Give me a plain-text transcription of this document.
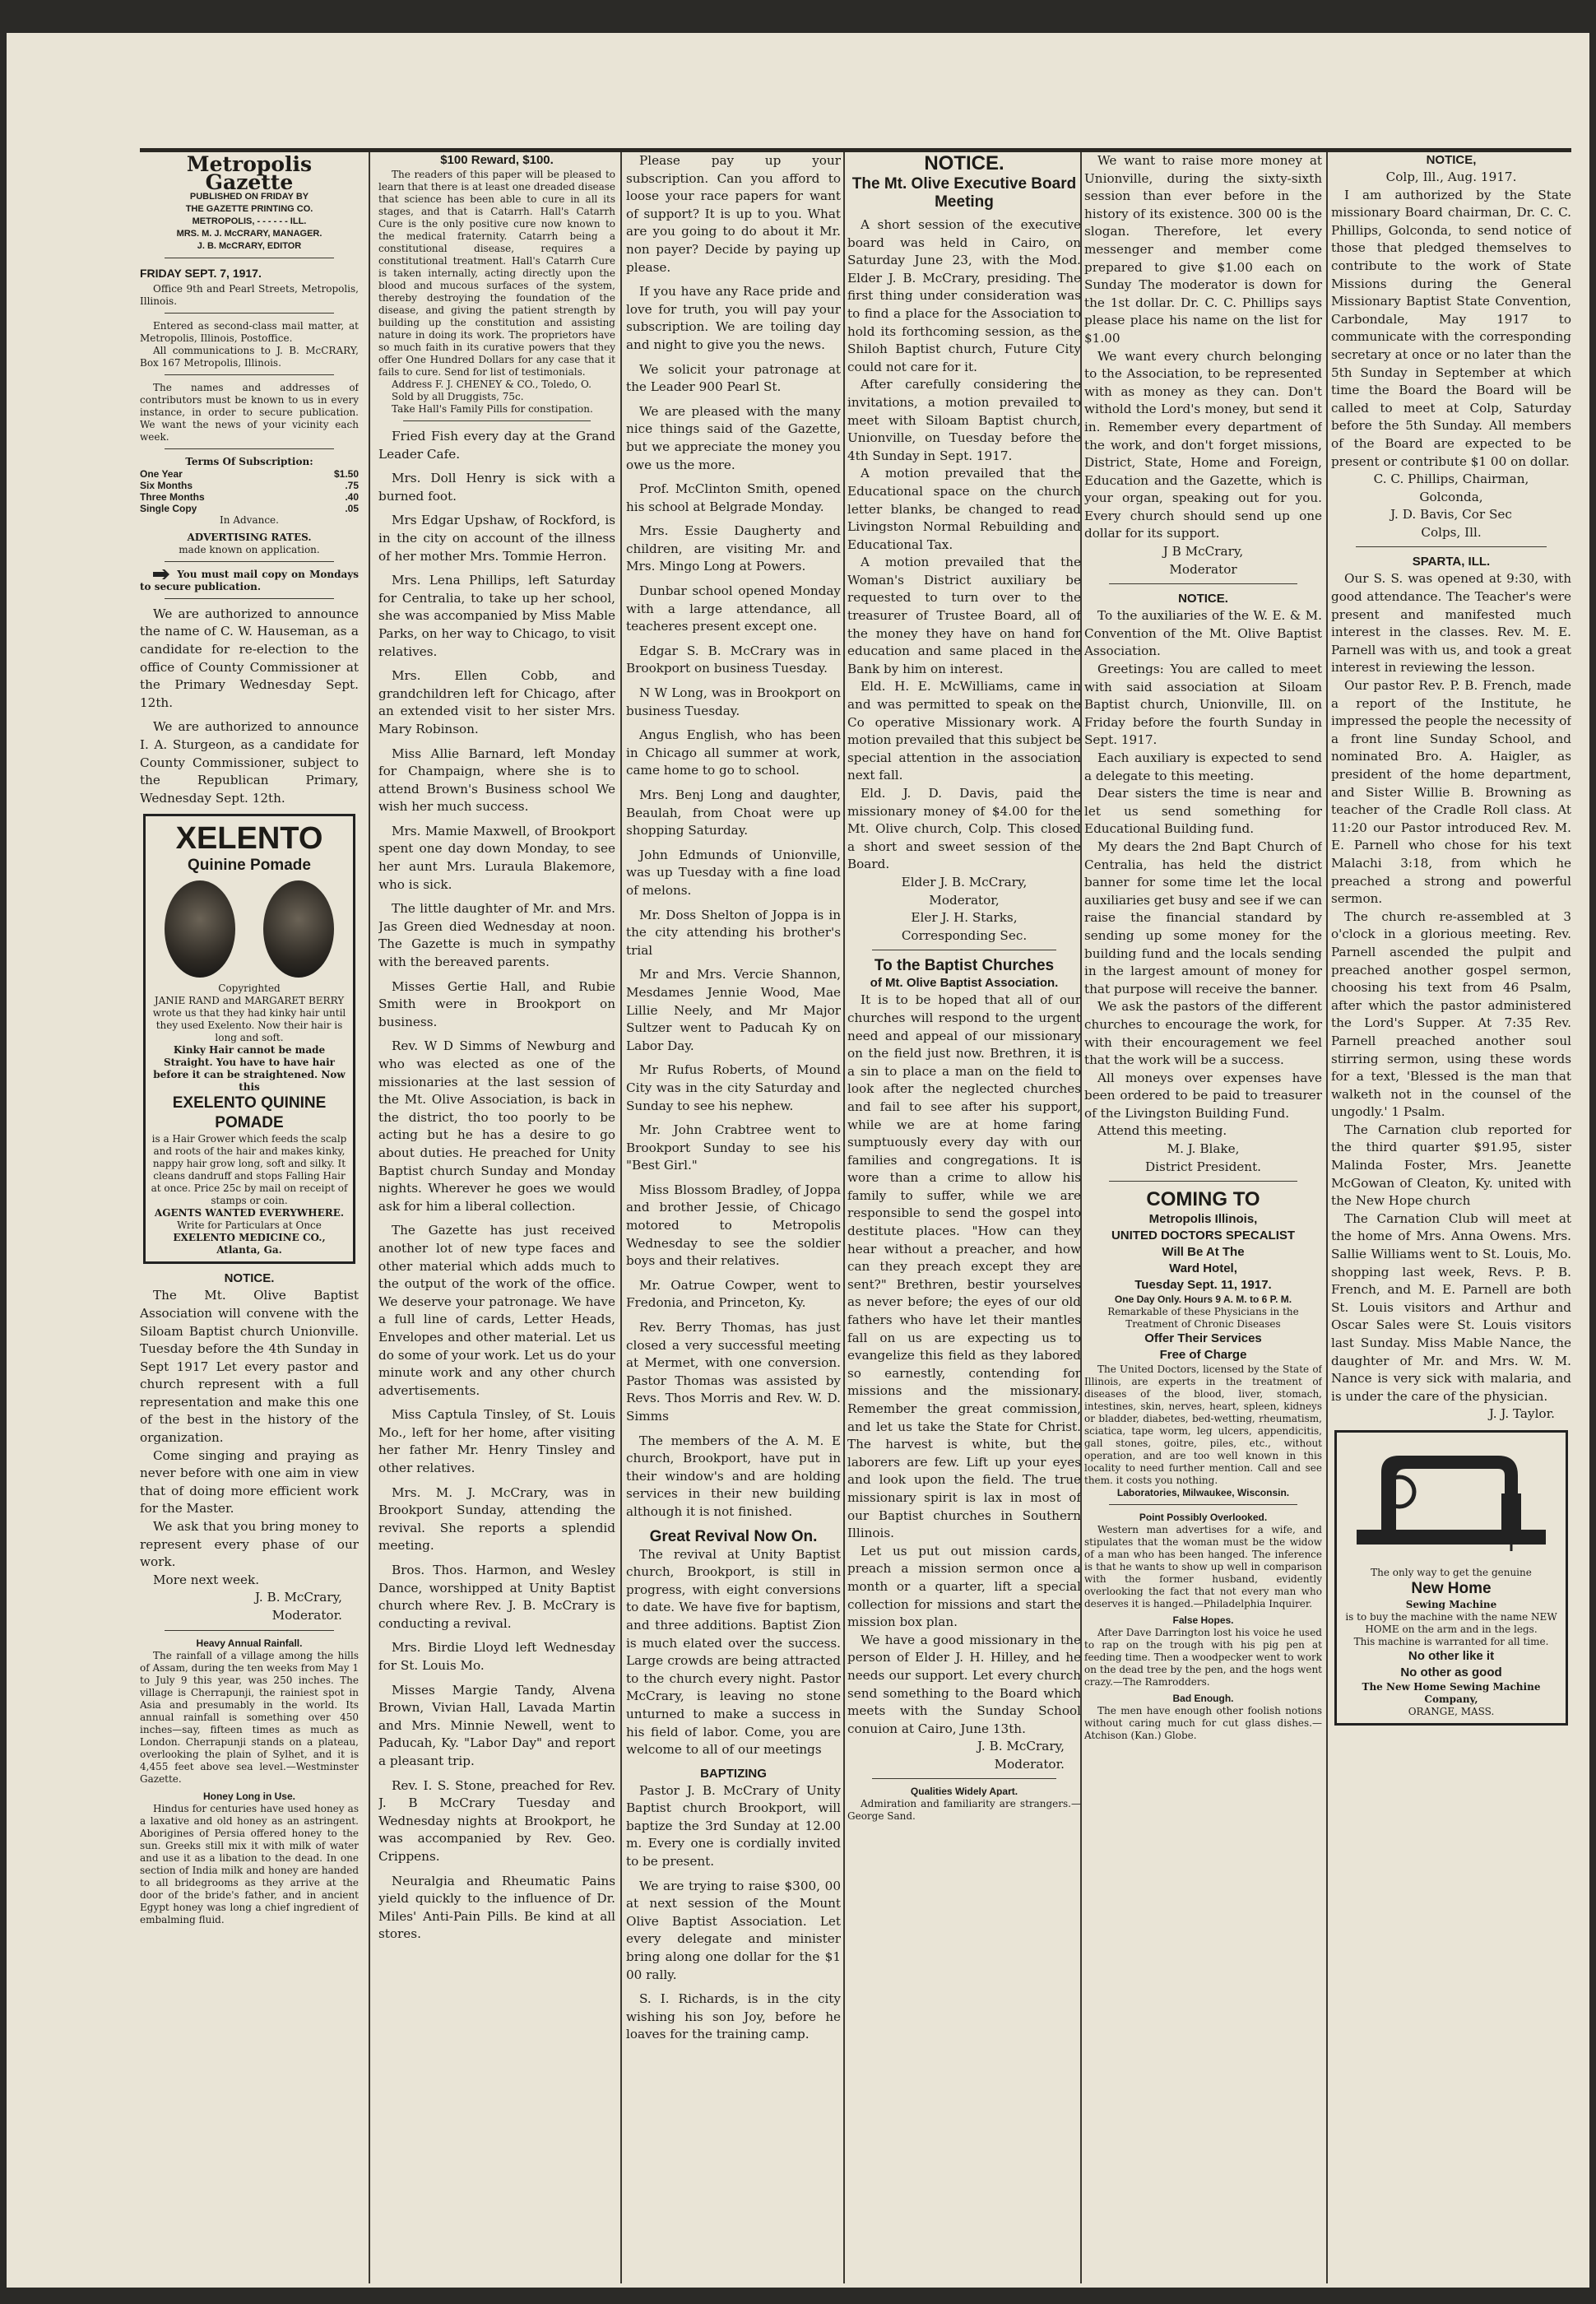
Metropolis Gazette
PUBLISHED ON FRIDAY BY
THE GAZETTE PRINTING CO.
METROPOLIS, - - - - - - ILL.
MRS. M. J. McCRARY, MANAGER.
J. B. McCRARY, EDITOR
FRIDAY SEPT. 7, 1917.

Office 9th and Pearl Streets, Metropolis, Illinois.

Entered as second-class mail matter, at Metropolis, Illinois, Postoffice.

All communications to J. B. McCRARY, Box 167 Metropolis, Illinois.

The names and addresses of contributors must be known to us in every instance, in order to secure publication. We want the news of your vicinity each week.

Terms Of Subscription:
One Year	$1.50
Six Months	.75
Three Months	.40
Single Copy	.05
In Advance.
ADVERTISING RATES.
made known on application.

You must mail copy on Mondays to secure publication.

We are authorized to announce the name of C. W. Hauseman, as a candidate for re-election to the office of County Commissioner at the Primary Wednesday Sept. 12th.

We are authorized to announce I. A. Sturgeon, as a candidate for County Commissioner, subject to the Republican Primary, Wednesday Sept. 12th.

XELENTO
Quinine Pomade
Copyrighted
JANIE RAND and MARGARET BERRY wrote us that they had kinky hair until they used Exelento. Now their hair is long and soft.
Kinky Hair cannot be made Straight. You have to have hair before it can be straightened. Now this
EXELENTO QUININE POMADE
is a Hair Grower which feeds the scalp and roots of the hair and makes kinky, nappy hair grow long, soft and silky. It cleans dandruff and stops Falling Hair at once. Price 25c by mail on receipt of stamps or coin.
AGENTS WANTED EVERYWHERE.
Write for Particulars at Once
EXELENTO MEDICINE CO., Atlanta, Ga.
NOTICE.

The Mt. Olive Baptist Association will convene with the Siloam Baptist church Unionville. Tuesday before the 4th Sunday in Sept 1917 Let every pastor and church represent with a full representation and make this one of the best in the history of the organization.

Come singing and praying as never before with one aim in view that of doing more efficient work for the Master.

We ask that you bring money to represent every phase of our work.

More next week.

J. B. McCrary,

Moderator.

Heavy Annual Rainfall.

The rainfall of a village among the hills of Assam, during the ten weeks from May 1 to July 9 this year, was 250 inches. The village is Cherrapunji, the rainiest spot in Asia and presumably in the world. Its annual rainfall is something over 450 inches—say, fifteen times as much as London. Cherrapunji stands on a plateau, overlooking the plain of Sylhet, and it is 4,455 feet above sea level.—Westminster Gazette.

Honey Long in Use.

Hindus for centuries have used honey as a laxative and old honey as an astringent. Aborigines of Persia offered honey to the sun. Greeks still mix it with milk of water and use it as a libation to the dead. In one section of India milk and honey are handed to all bridegrooms as they arrive at the door of the bride's father, and in ancient Egypt honey was long a chief ingredient of embalming fluid.

$100 Reward, $100.

The readers of this paper will be pleased to learn that there is at least one dreaded disease that science has been able to cure in all its stages, and that is Catarrh. Hall's Catarrh Cure is the only positive cure now known to the medical fraternity. Catarrh being a constitutional disease, requires a constitutional treatment. Hall's Catarrh Cure is taken internally, acting directly upon the blood and mucous surfaces of the system, thereby destroying the foundation of the disease, and giving the patient strength by building up the constitution and assisting nature in doing its work. The proprietors have so much faith in its curative powers that they offer One Hundred Dollars for any case that it fails to cure. Send for list of testimonials.

Address F. J. CHENEY & CO., Toledo, O.

Sold by all Druggists, 75c.

Take Hall's Family Pills for constipation.

Fried Fish every day at the Grand Leader Cafe.

Mrs. Doll Henry is sick with a burned foot.

Mrs Edgar Upshaw, of Rockford, is in the city on account of the illness of her mother Mrs. Tommie Herron.

Mrs. Lena Phillips, left Saturday for Centralia, to take up her school, she was accompanied by Miss Mable Parks, on her way to Chicago, to visit relatives.

Mrs. Ellen Cobb, and grandchildren left for Chicago, after an extended visit to her sister Mrs. Mary Robinson.

Miss Allie Barnard, left Monday for Champaign, where she is to attend Brown's Business school We wish her much success.

Mrs. Mamie Maxwell, of Brookport spent one day down Monday, to see her aunt Mrs. Luraula Blakemore, who is sick.

The little daughter of Mr. and Mrs. Jas Green died Wednesday at noon. The Gazette is much in sympathy with the bereaved parents.

Misses Gertie Hall, and Rubie Smith were in Brookport on business.

Rev. W D Simms of Newburg and who was elected as one of the missionaries at the last session of the Mt. Olive Association, is back in the district, tho too poorly to be acting but he has a desire to go about duties. He preached for Unity Baptist church Sunday and Monday nights. Wherever he goes we would ask for him a liberal collection.

The Gazette has just received another lot of new type faces and other material which adds much to the output of the work of the office. We deserve your patronage. We have a full line of cards, Letter Heads, Envelopes and other material. Let us do some of your work. Let us do your minute work and any other church advertisements.

Miss Captula Tinsley, of St. Louis Mo., left for her home, after visiting her father Mr. Henry Tinsley and other relatives.

Mrs. M. J. McCrary, was in Brookport Sunday, attending the revival. She reports a splendid meeting.

Bros. Thos. Harmon, and Wesley Dance, worshipped at Unity Baptist church where Rev. J. B. McCrary is conducting a revival.

Mrs. Birdie Lloyd left Wednesday for St. Louis Mo.

Misses Margie Tandy, Alvena Brown, Vivian Hall, Lavada Martin and Mrs. Minnie Newell, went to Paducah, Ky. "Labor Day" and report a pleasant trip.

Rev. I. S. Stone, preached for Rev. J. B McCrary Tuesday and Wednesday nights at Brookport, he was accompanied by Rev. Geo. Crippens.

Neuralgia and Rheumatic Pains yield quickly to the influence of Dr. Miles' Anti-Pain Pills. Be kind at all stores.

Please pay up your subscription. Can you afford to loose your race papers for want of support? It is up to you. What are you going to do about it Mr. non payer? Decide by paying up please.

If you have any Race pride and love for truth, you will pay your subscription. We are toiling day and night to give you the news.

We solicit your patronage at the Leader 900 Pearl St.

We are pleased with the many nice things said of the Gazette, but we appreciate the money you owe us the more.

Prof. McClinton Smith, opened his school at Belgrade Monday.

Mrs. Essie Daugherty and children, are visiting Mr. and Mrs. Mingo Long at Powers.

Dunbar school opened Monday with a large attendance, all teacheres present except one.

Edgar S. B. McCrary was in Brookport on business Tuesday.

N W Long, was in Brookport on business Tuesday.

Angus English, who has been in Chicago all summer at work, came home to go to school.

Mrs. Benj Long and daughter, Beaulah, from Choat were up shopping Saturday.

John Edmunds of Unionville, was up Tuesday with a fine load of melons.

Mr. Doss Shelton of Joppa is in the city attending his brother's trial

Mr and Mrs. Vercie Shannon, Mesdames Jennie Wood, Mae Lillie Neely, and Mr Major Sultzer went to Paducah Ky on Labor Day.

Mr Rufus Roberts, of Mound City was in the city Saturday and Sunday to see his nephew.

Mr. John Crabtree went to Brookport Sunday to see his "Best Girl."

Miss Blossom Bradley, of Joppa and brother Jessie, of Chicago motored to Metropolis Wednesday to see the soldier boys and their relatives.

Mr. Oatrue Cowper, went to Fredonia, and Princeton, Ky.

Rev. Berry Thomas, has just closed a very successful meeting at Mermet, with one conversion. Pastor Thomas was assisted by Revs. Thos Morris and Rev. W. D. Simms

The members of the A. M. E church, Brookport, have put in their window's and are holding services in their new building although it is not finished.

Great Revival Now On.

The revival at Unity Baptist church, Brookport, is still in progress, with eight conversions to date. We have five for baptism, and three additions. Baptist Zion is much elated over the success. Large crowds are being attracted to the church every night. Pastor McCrary, is leaving no stone unturned to make a success in his field of labor. Come, you are welcome to all of our meetings

BAPTIZING

Pastor J. B. McCrary of Unity Baptist church Brookport, will baptize the 3rd Sunday at 12.00 m. Every one is cordially invited to be present.

We are trying to raise $300, 00 at next session of the Mount Olive Baptist Association. Let every delegate and minister bring along one dollar for the $1 00 rally.

S. I. Richards, is in the city wishing his son Joy, before he loaves for the training camp.

NOTICE.
The Mt. Olive Executive Board Meeting

A short session of the executive board was held in Cairo, on Saturday June 23, with the Mod. Elder J. B. McCrary, presiding. The first thing under consideration was to find a place for the Association to hold its forthcoming session, as the Shiloh Baptist church, Future City could not care for it.

After carefully considering the invitations, a motion prevailed to meet with Siloam Baptist church, Unionville, on Tuesday before the 4th Sunday in Sept. 1917.

A motion prevailed that the Educational space on the church letter blanks, be changed to read Livingston Normal Rebuilding and Educational Tax.

A motion prevailed that the Woman's District auxiliary be requested to turn over to the treasurer of Trustee Board, all of the money they have on hand for education and same placed in the Bank by him on interest.

Eld. H. E. McWilliams, came in and was permitted to speak on the Co operative Missionary work. A motion prevailed that this subject be special attention in the association next fall.

Eld. J. D. Davis, paid the missionary money of $4.00 for the Mt. Olive church, Colp. This closed a short and sweet session of the Board.

Elder J. B. McCrary,

Moderator,

Eler J. H. Starks,

Corresponding Sec.

To the Baptist Churches
of Mt. Olive Baptist Association.

It is to be hoped that all of our churches will respond to the urgent need and appeal of our missionary on the field just now. Brethren, it is a sin to place a man on the field to look after the neglected churches and fail to see after his support, while we are at home faring sumptuously every day with our families and congregations. It is wore than a crime to allow his family to suffer, while we are responsible to send the gospel into destitute places. "How can they hear without a preacher, and how can they preach except they are sent?" Brethren, bestir yourselves as never before; the eyes of our old fathers who have let their mantles fall on us are expecting us to evangelize this field as they labored so earnestly, contending for missions and the missionary. Remember the great commission, and let us take the State for Christ. The harvest is white, but the laborers are few. Lift up your eyes and look upon the field. The true missionary spirit is lax in most of our Baptist churches in Southern Illinois.

Let us put out mission cards, preach a mission sermon once a month or a quarter, lift a special collection for missions and start the mission box plan.

We have a good missionary in the person of Elder J. H. Hilley, and he needs our support. Let every church send something to the Board which meets with the Sunday School conuion at Cairo, June 13th.

J. B. McCrary,

Moderator.

Qualities Widely Apart.

Admiration and familiarity are strangers.—George Sand.

We want to raise more money at Unionville, during the sixty-sixth session than ever before in the history of its existence. 300 00 is the slogan. Therefore, let every messenger and member come prepared to give $1.00 each on Sunday The moderator is down for the 1st dollar. Dr. C. C. Phillips says please place his name on the list for $1.00

We want every church belonging to the Association, to be represented with as money as they can. Don't withold the Lord's money, but send it in. Remember every department of the work, and don't forget missions, District, State, Home and Foreign, Education and the Gazette, which is your organ, speaking out for you. Every church should send up one dollar for its support.

J B McCrary,

Moderator

NOTICE.

To the auxiliaries of the W. E. & M. Convention of the Mt. Olive Baptist Association.

Greetings: You are called to meet with said association at Siloam Baptist church, Unionville, Ill. on Friday before the fourth Sunday in Sept. 1917.

Each auxiliary is expected to send a delegate to this meeting.

Dear sisters the time is near and let us send something for Educational Building fund.

My dears the 2nd Bapt Church of Centralia, has held the district banner for some time let the local auxiliaries get busy and see if we can raise the financial standard by sending up some money for the building fund and the locals sending in the largest amount of money for that purpose will receive the banner.

We ask the pastors of the different churches to encourage the work, for with their encouragement we feel that the work will be a success.

All moneys over expenses have been ordered to be paid to treasurer of the Livingston Building Fund.

Attend this meeting.

M. J. Blake,

District President.

COMING TO
Metropolis Illinois,
UNITED DOCTORS SPECALIST
Will Be At The
Ward Hotel,
Tuesday Sept. 11, 1917.
One Day Only. Hours 9 A. M. to 6 P. M.
Remarkable of these Physicians in the Treatment of Chronic Diseases
Offer Their Services
Free of Charge

The United Doctors, licensed by the State of Illinois, are experts in the treatment of diseases of the blood, liver, stomach, intestines, skin, nerves, heart, spleen, kidneys or bladder, diabetes, bed-wetting, rheumatism, sciatica, tape worm, leg ulcers, appendicitis, gall stones, goitre, piles, etc., without operation, and are too well known in this locality to need further mention. Call and see them. it costs you nothing.

Laboratories, Milwaukee, Wisconsin.
Point Possibly Overlooked.

Western man advertises for a wife, and stipulates that the woman must be the widow of a man who has been hanged. The inference is that he wants to show up well in comparison with the former husband, evidently overlooking the fact that not every man who deserves it is hanged.—Philadelphia Inquirer.

False Hopes.

After Dave Darrington lost his voice he used to rap on the trough with his pig pen at feeding time. Then a woodpecker went to work on the dead tree by the pen, and the hogs went crazy.—The Ramrodders.

Bad Enough.

The men have enough other foolish notions without caring much for cut glass dishes.—Atchison (Kan.) Globe.

NOTICE,

Colp, Ill., Aug. 1917.

I am authorized by the State missionary Board chairman, Dr. C. C. Phillips, Golconda, to send notice of those that pledged themselves to contribute to the work of State Missions during the General Missionary Baptist State Convention, Carbondale, May 1917 to communicate with the corresponding secretary at once or no later than the 5th Sunday in September at which time the Board the Board will be called to meet at Colp, Saturday before the 5th Sunday. All members of the Board are expected to be present or contribute $1 00 on dollar.

C. C. Phillips, Chairman,

Golconda,

J. D. Bavis, Cor Sec

Colps, Ill.

SPARTA, ILL.

Our S. S. was opened at 9:30, with good attendance. The Teacher's were present and manifested much interest in the classes. Rev. M. E. Parnell was with us, and took a great interest in reviewing the lesson.

Our pastor Rev. P. B. French, made a report of the Institute, he impressed the people the necessity of a front line Sunday School, and nominated Bro. A. Haigler, as president of the home department, and Sister Willie B. Browning as teacher of the Cradle Roll class. At 11:20 our Pastor introduced Rev. M. E. Parnell who chose for his text Malachi 3:18, from which he preached a strong and powerful sermon.

The church re-assembled at 3 o'clock in a glorious meeting. Rev. Parnell ascended the pulpit and preached another gospel sermon, choosing his text from 46 Psalm, after which the pastor administered the Lord's Supper. At 7:35 Rev. Parnell preached another soul stirring sermon, using these words for a text, 'Blessed is the man that walketh not in the counsel of the ungodly.' 1 Psalm.

The Carnation club reported for the third quarter $91.95, sister Malinda Foster, Mrs. Jeanette McGowan of Cleaton, Ky. united with the New Hope church

The Carnation Club will meet at the home of Mrs. Anna Owens. Mrs. Sallie Williams went to St. Louis, Mo. shopping last week, Revs. P. B. French, and M. E. Parnell are both St. Louis visitors and Arthur and Oscar Sales were St. Louis visitors last Sunday. Miss Mable Nance, the daughter of Mr. and Mrs. W. M. Nance is very sick with malaria, and is under the care of the physician.

J. J. Taylor.

The only way to get the genuine
New Home
Sewing Machine
is to buy the machine with the name NEW HOME on the arm and in the legs.
This machine is warranted for all time.
No other like it
No other as good
The New Home Sewing Machine Company,
ORANGE, MASS.
